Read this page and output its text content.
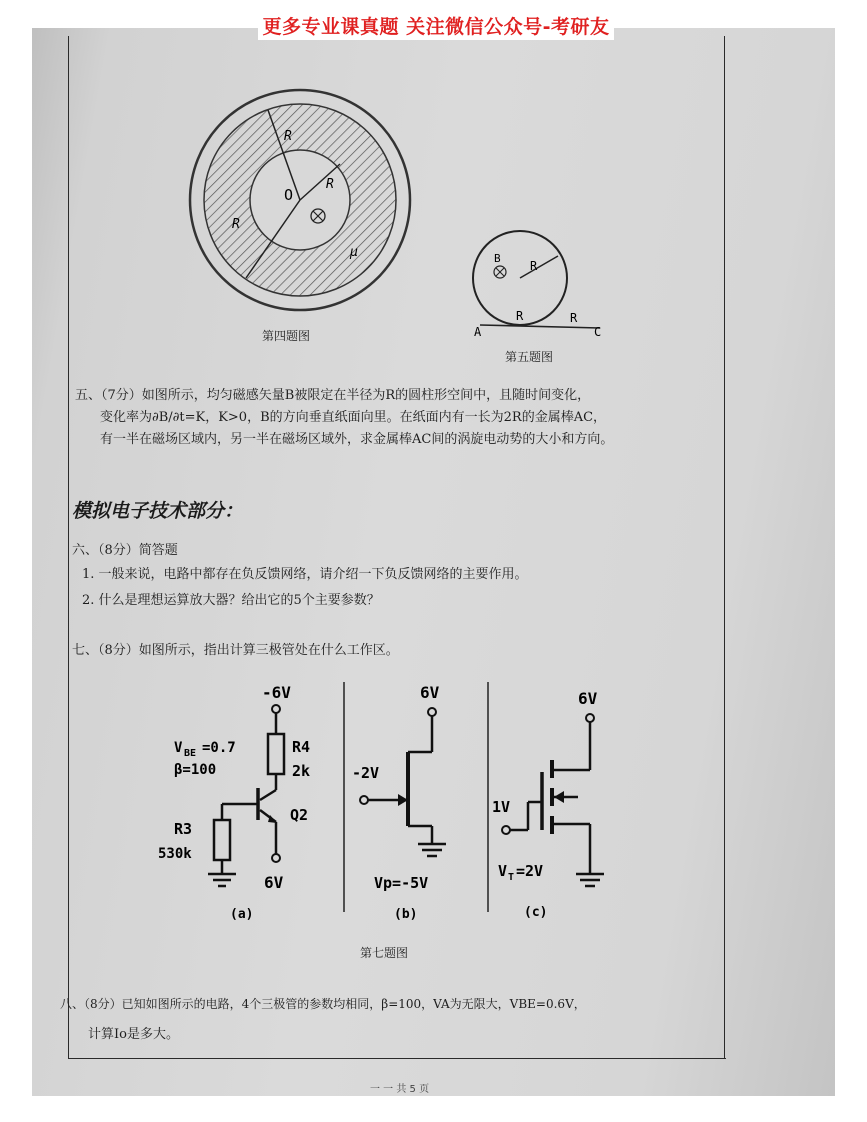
更多专业课真题 关注微信公众号-考研友
R
O
R
R
μ
第四题图
B
R
A
R	R
C
第五题图
五、（7分）如图所示，均匀磁感矢量B被限定在半径为R的圆柱形空间中，且随时间变化，
变化率为∂B/∂t=K，K>0，B的方向垂直纸面向里。在纸面内有一长为2R的金属棒AC，
有一半在磁场区域内，另一半在磁场区域外，求金属棒AC间的涡旋电动势的大小和方向。
模拟电子技术部分：
六、（8分）简答题
1. 一般来说，电路中都存在负反馈网络，请介绍一下负反馈网络的主要作用。
2. 什么是理想运算放大器？给出它的5个主要参数？
七、（8分）如图所示，指出计算三极管处在什么工作区。
-6V
V BE =0.7
β=100
R4
2k
Q2
R3
530k
6V
(a)
6V
-2V
Vp=-5V
(b)
6V
1V
V T =2V
(c)
第七题图
八、（8分）已知如图所示的电路，4个三极管的参数均相同，β=100，VA为无限大，VBE=0.6V，
计算Io是多大。
一 一 共 5 页
